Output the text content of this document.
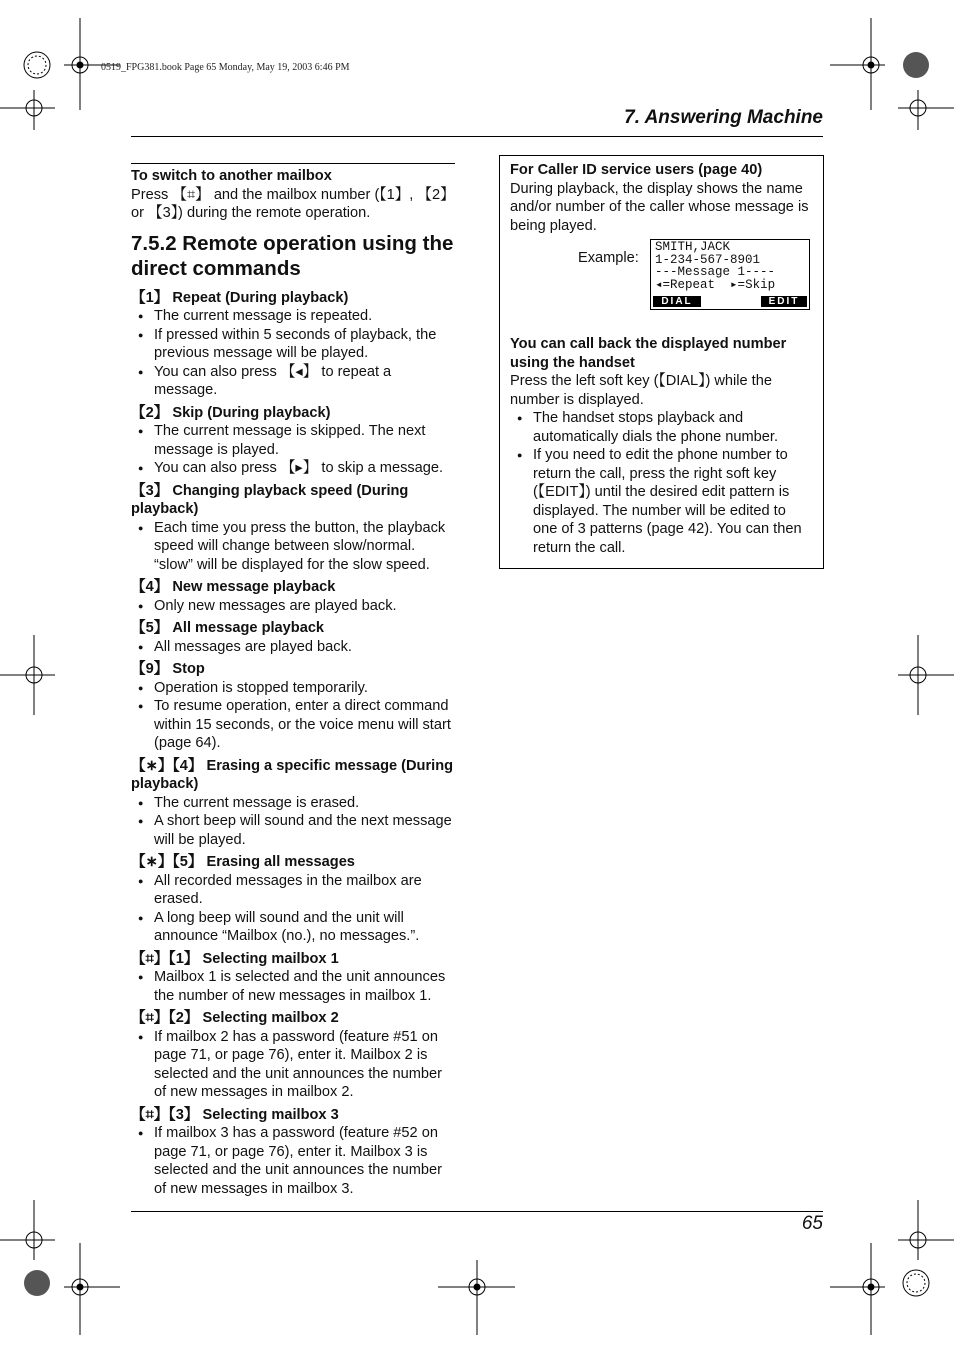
0519_FPG381.book Page 65 Monday, May 19, 2003 6:46 PM
7. Answering Machine
65
To switch to another mailbox
Press 【⌗】 and the mailbox number (【1】, 【2】 or 【3】) during the remote operation.
7.5.2 Remote operation using the direct commands
【1】 Repeat (During playback)
● The current message is repeated.
● If pressed within 5 seconds of playback, the previous message will be played.
● You can also press 【◂】 to repeat a message.
【2】 Skip (During playback)
● The current message is skipped. The next message is played.
● You can also press 【▸】 to skip a message.
【3】 Changing playback speed (During playback)
● Each time you press the button, the playback speed will change between slow/normal. “slow” will be displayed for the slow speed.
【4】 New message playback
● Only new messages are played back.
【5】 All message playback
● All messages are played back.
【9】 Stop
● Operation is stopped temporarily.
● To resume operation, enter a direct command within 15 seconds, or the voice menu will start (page 64).
【∗】【4】 Erasing a specific message (During playback)
● The current message is erased.
● A short beep will sound and the next message will be played.
【∗】【5】 Erasing all messages
● All recorded messages in the mailbox are erased.
● A long beep will sound and the unit will announce “Mailbox (no.), no messages.”.
【⌗】【1】 Selecting mailbox 1
● Mailbox 1 is selected and the unit announces the number of new messages in mailbox 1.
【⌗】【2】 Selecting mailbox 2
● If mailbox 2 has a password (feature #51 on page 71, or page 76), enter it. Mailbox 2 is selected and the unit announces the number of new messages in mailbox 2.
【⌗】【3】 Selecting mailbox 3
● If mailbox 3 has a password (feature #52 on page 71, or page 76), enter it. Mailbox 3 is selected and the unit announces the number of new messages in mailbox 3.
For Caller ID service users (page 40)
During playback, the display shows the name and/or number of the caller whose message is being played.
Example:
SMITH,JACK
1-234-567-8901
---Message 1----
◂=Repeat  ▸=Skip
DIAL	EDIT
You can call back the displayed number using the handset
Press the left soft key (【DIAL】) while the number is displayed.
● The handset stops playback and automatically dials the phone number.
● If you need to edit the phone number to return the call, press the right soft key (【EDIT】) until the desired edit pattern is displayed. The number will be edited to one of 3 patterns (page 42). You can then return the call.
